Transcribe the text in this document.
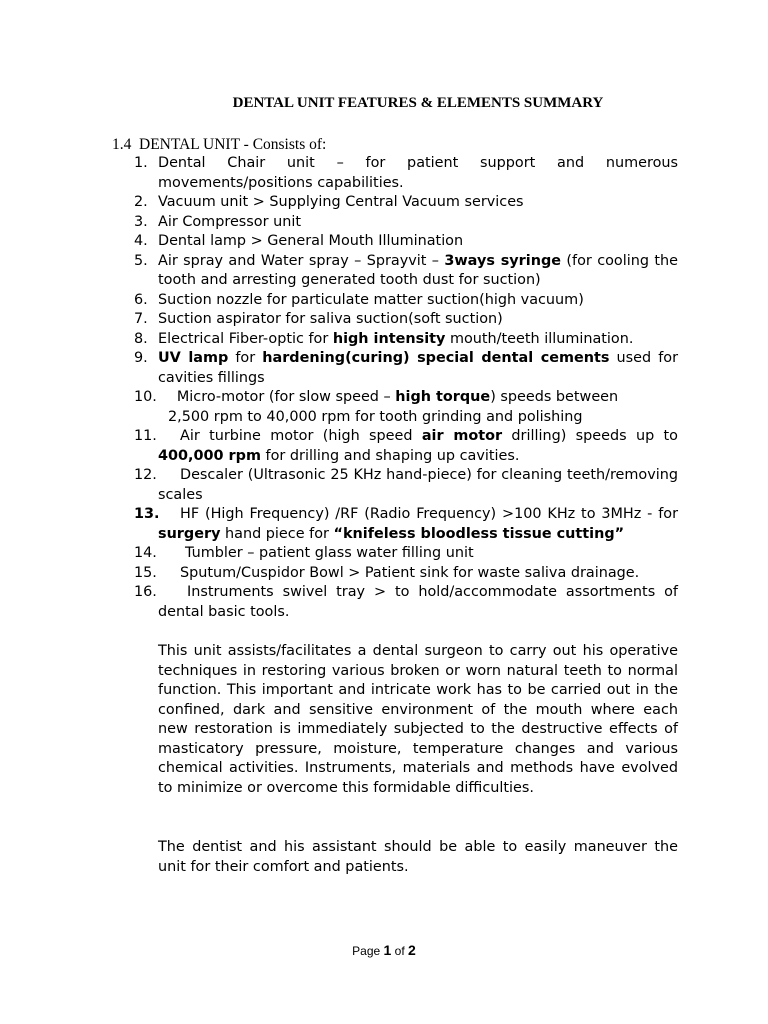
DENTAL UNIT FEATURES & ELEMENTS SUMMARY
1.4 DENTAL UNIT - Consists of:
1. Dental Chair unit – for patient support and numerous movements/positions capabilities.
2. Vacuum unit > Supplying Central Vacuum services
3. Air Compressor unit
4. Dental lamp > General Mouth Illumination
5. Air spray and Water spray – Sprayvit – 3ways syringe (for cooling the tooth and arresting generated tooth dust for suction)
6. Suction nozzle for particulate matter suction(high vacuum)
7. Suction aspirator for saliva suction(soft suction)
8. Electrical Fiber-optic for high intensity mouth/teeth illumination.
9. UV lamp for hardening(curing) special dental cements used for cavities fillings
10. Micro-motor (for slow speed – high torque) speeds between
2,500 rpm to 40,000 rpm for tooth grinding and polishing
11. Air turbine motor (high speed air motor drilling) speeds up to 400,000 rpm for drilling and shaping up cavities.
12. Descaler (Ultrasonic 25 KHz hand-piece) for cleaning teeth/removing scales
13. HF (High Frequency) /RF (Radio Frequency) >100 KHz to 3MHz - for surgery hand piece for “knifeless bloodless tissue cutting”
14. Tumbler – patient glass water filling unit
15. Sputum/Cuspidor Bowl > Patient sink for waste saliva drainage.
16. Instruments swivel tray > to hold/accommodate assortments of dental basic tools.

This unit assists/facilitates a dental surgeon to carry out his operative techniques in restoring various broken or worn natural teeth to normal function. This important and intricate work has to be carried out in the confined, dark and sensitive environment of the mouth where each new restoration is immediately subjected to the destructive effects of masticatory pressure, moisture, temperature changes and various chemical activities. Instruments, materials and methods have evolved to minimize or overcome this formidable difficulties.

The dentist and his assistant should be able to easily maneuver the unit for their comfort and patients.

Page 1 of 2
